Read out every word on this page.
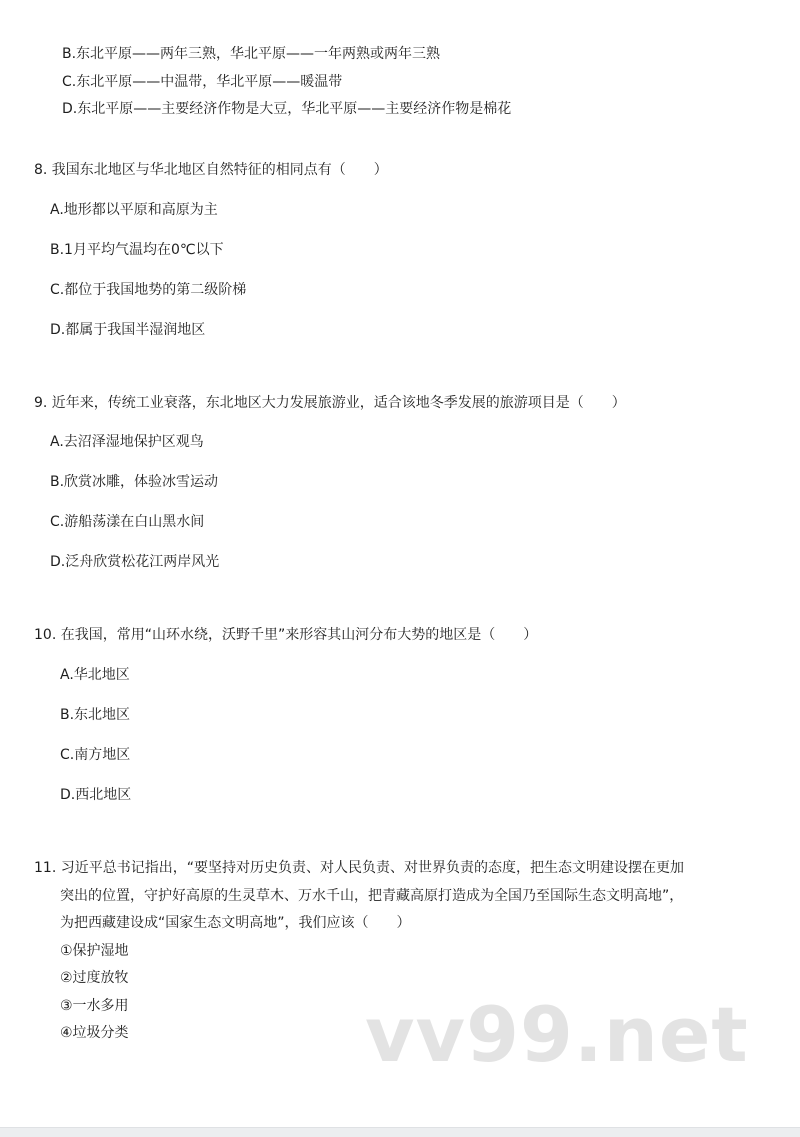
B.东北平原——两年三熟，华北平原——一年两熟或两年三熟
C.东北平原——中温带，华北平原——暖温带
D.东北平原——主要经济作物是大豆，华北平原——主要经济作物是棉花
8. 我国东北地区与华北地区自然特征的相同点有（　　）
A.地形都以平原和高原为主
B.1月平均气温均在0℃以下
C.都位于我国地势的第二级阶梯
D.都属于我国半湿润地区
9. 近年来，传统工业衰落，东北地区大力发展旅游业，适合该地冬季发展的旅游项目是（　　）
A.去沼泽湿地保护区观鸟
B.欣赏冰雕，体验冰雪运动
C.游船荡漾在白山黑水间
D.泛舟欣赏松花江两岸风光
10. 在我国，常用“山环水绕，沃野千里”来形容其山河分布大势的地区是（　　）
A.华北地区
B.东北地区
C.南方地区
D.西北地区
11. 习近平总书记指出，“要坚持对历史负责、对人民负责、对世界负责的态度，把生态文明建设摆在更加
突出的位置，守护好高原的生灵草木、万水千山，把青藏高原打造成为全国乃至国际生态文明高地”，
为把西藏建设成“国家生态文明高地”，我们应该（　　）
①保护湿地
②过度放牧
③一水多用
④垃圾分类	vv99.net
